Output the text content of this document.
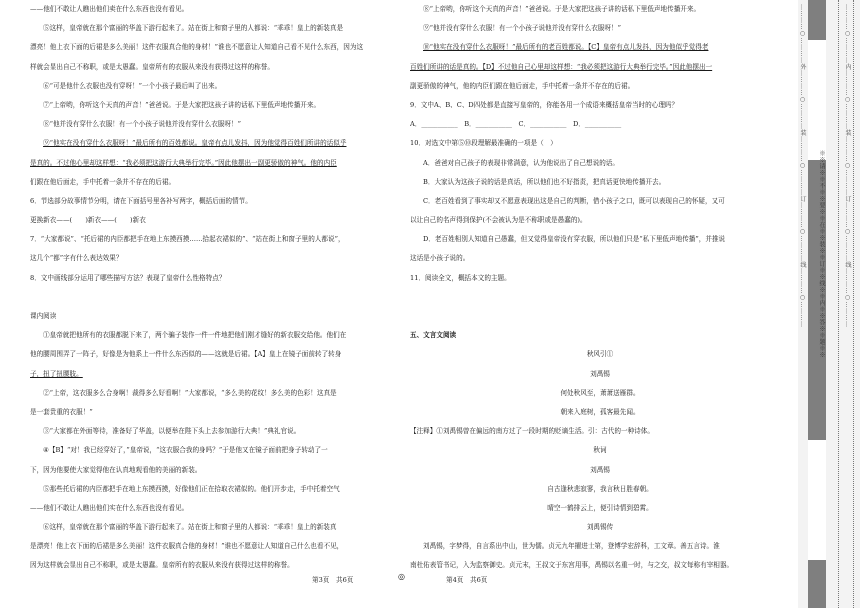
——他们不敢让人瞧出他们卖在什么东西也没有看见。
⑤这样，皇帝就在那个富丽的华盖下游行起来了。站在街上和窗子里的人都说：“乖乖！皇上的新装真是
漂亮！他上衣下面的后裙是多么美丽！这件衣服真合他的身材！”谁也不愿意让人知道自己看不见什么东西，因为这
样就会显出自己不称职，或是太愚蠢。皇帝所有的衣服从来没有获得过这样的称誉。
⑥“可是他什么衣服也没有穿呀！”一个小孩子最后叫了出来。
⑦“上帝哟，你听这个天真的声音！”爸爸说。于是大家把这孩子讲的话私下里低声地传播开来。
⑧“他并没有穿什么衣服！有一个小孩子说他并没有穿什么衣服呀！”
⑨“他实在没有穿什么衣服呀！”最后所有的百姓都说。皇帝有点儿发抖，因为他觉得百姓们所讲的话似乎
是真的。不过他心里却这样想：“我必须把这游行大典举行完毕。”因此他摆出一副更骄傲的神气。他的内臣
们跟在他后面走，手中托着一条并不存在的后裙。
6．节选部分故事情节分明，请在下面括号里各补写两字，概括后面的情节。
更换新衣——(　　)新衣——(　　)新衣
7．“大家都说”、“托后裙的内臣都把手在地上东摸西摸……拾起衣裙似的”、“站在街上和窗子里的人都说”，
这几个“都”字有什么表达效果？
8．文中画线部分运用了哪些描写方法？表现了皇帝什么性格特点？
课内阅读
①皇帝就把他所有的衣服都脱下来了，两个骗子装作一件一件地把他们刚才缝好的新衣服交给他。他们在
他的腰周围弄了一阵子，好像是为他系上一件什么东西似的——这就是后裙。【A】皇上在镜子面前转了转身
子，扭了扭腰肢。
②“上帝，这衣服多么合身啊！裁得多么好看啊！”大家都说，“多么美的花纹！多么美的色彩！这真是
是一套贵重的衣服！”
③“大家都在外面等待，准备好了华盖，以便举在陛下头上去参加游行大典！”典礼官说。
④【B】“对！我已经穿好了，”皇帝说，“这衣服合我的身吗？”于是他又在镜子面前把身子转动了一
下，因为他要使大家觉得他在认真地观看他的美丽的新装。
⑤那些托后裙的内臣都把手在地上东摸西摸，好像他们正在拾取衣裙似的。他们开步走，手中托着空气
——他们不敢让人瞧出他们实在什么东西也没有看见。
⑥这样，皇帝就在那个富丽的华盖下游行起来了。站在街上和窗子里的人都说：“乖乖！皇上的新装真
是漂亮！他上衣下面的后裙是多么美丽！这件衣服真合他的身材！”谁也不愿意让人知道自己什么也看不见，
因为这样就会显出自己不称职，或是太愚蠢。皇帝所有的衣服从来没有获得过这样的称誉。
⑧“上帝哟，你听这个天真的声音！”爸爸说。于是大家把这孩子讲的话私下里低声地传播开来。
⑨“他并没有穿什么衣服！有一个小孩子说他并没有穿什么衣服呀！”
⑩“他实在没有穿什么衣服呀！”最后所有的老百姓都说。【C】皇帝有点儿发抖，因为他似乎觉得老
百姓们所讲的话是真的。【D】不过他自己心里却这样想：“我必须把这游行大典举行完毕。”因此他摆出一
副更骄傲的神气，他的内臣们跟在他后面走，手中托着一条并不存在的后裙。
9．文中A、B、C、D四处都是直接写皇帝的，你能各用一个成语来概括皇帝当时的心理吗？
A．___________　B．___________　C．___________　D．___________
10．对选文中第⑤⑩段理解最准确的一项是（　）
A．爸爸对自己孩子的表现非常满意，认为他说出了自己想说的话。
B．大家认为这孩子说的话是真话，所以他们也不好指责，把真话更快地传播开去。
C．老百姓看到了事实却又不愿意表现出这是自己的判断，借小孩子之口，既可以表现自己的怀疑，又可
以让自己的名声得到保护(不会被认为是不称职或是愚蠢的)。
D．老百姓相别人知道自己愚蠢，但又觉得皇帝没有穿衣服，所以他们只是“私下里低声地传播”，并推说
这话是小孩子说的。
11．阅读全文，概括本文的主题。
五、文言文阅读
秋风引①
刘禹锡
何处秋风至，萧萧送雁群。
朝来入庭树，孤客最先闻。
【注释】①刘禹锡曾在偏远的南方过了一段时期的贬谪生活。引：古代的一种诗体。
秋词
刘禹锡
自古逢秋悲寂寥，我言秋日胜春朝。
晴空一鹤排云上，便引诗情到碧霄。
刘禹锡传
刘禹锡，字梦得，自言系出中山，世为儒。贞元九年擢进士第，登博学宏辞科，工文章。善五言诗。淮
南杜佑表管书记，入为监察御史。贞元末，王叔文于东宫用事，禹锡以名重一时，与之交，叔文每称有宰相器。
第3页　共6页	◎	第4页　共6页
…………○…………外…………○…………装…………○…………订…………○…………线…………○………… ※※请※※不※※要※※在※※装※※订※※线※※内※※答※※题※※	…………○…………内…………○…………装…………○…………订…………○…………线…………○…………
